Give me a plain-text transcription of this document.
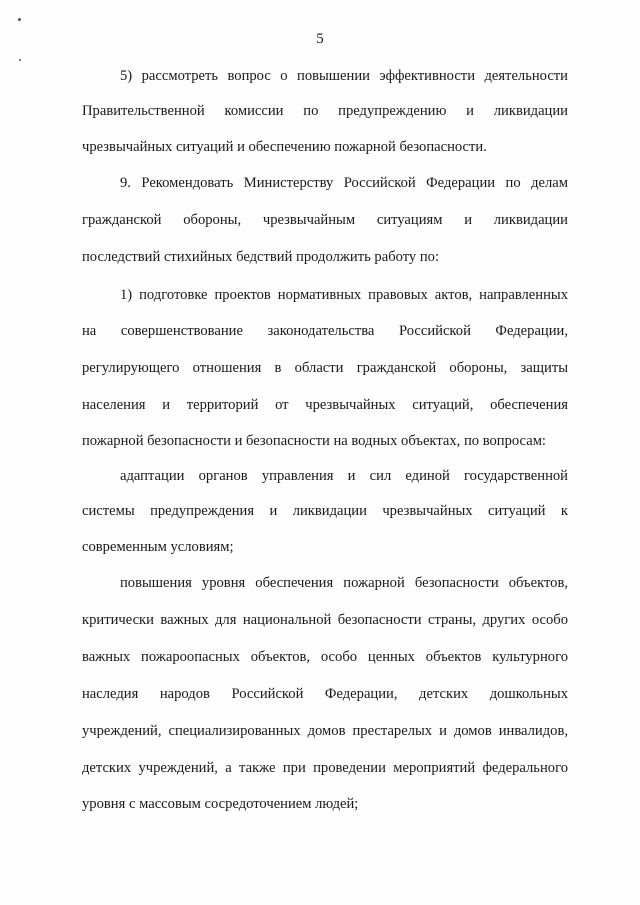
5
5) рассмотреть вопрос о повышении эффективности деятельности
Правительственной комиссии по предупреждению и ликвидации
чрезвычайных ситуаций и обеспечению пожарной безопасности.
9. Рекомендовать Министерству Российской Федерации по делам
гражданской обороны, чрезвычайным ситуациям и ликвидации
последствий стихийных бедствий продолжить работу по:
1) подготовке проектов нормативных правовых актов, направленных
на совершенствование законодательства Российской Федерации,
регулирующего отношения в области гражданской обороны, защиты
населения и территорий от чрезвычайных ситуаций, обеспечения
пожарной безопасности и безопасности на водных объектах, по вопросам:
адаптации органов управления и сил единой государственной
системы предупреждения и ликвидации чрезвычайных ситуаций к
современным условиям;
повышения уровня обеспечения пожарной безопасности объектов,
критически важных для национальной безопасности страны, других особо
важных пожароопасных объектов, особо ценных объектов культурного
наследия народов Российской Федерации, детских дошкольных
учреждений, специализированных домов престарелых и домов инвалидов,
детских учреждений, а также при проведении мероприятий федерального
уровня с массовым сосредоточением людей;
